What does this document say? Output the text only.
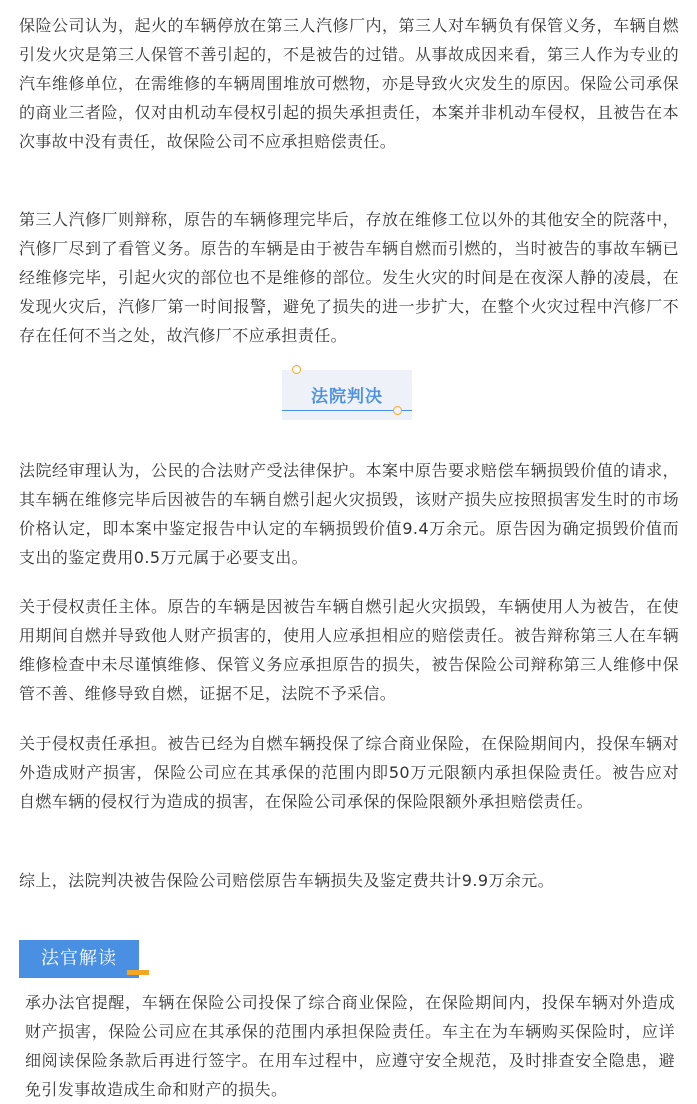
保险公司认为，起火的车辆停放在第三人汽修厂内，第三人对车辆负有保管义务，车辆自燃引发火灾是第三人保管不善引起的，不是被告的过错。从事故成因来看，第三人作为专业的汽车维修单位，在需维修的车辆周围堆放可燃物，亦是导致火灾发生的原因。保险公司承保的商业三者险，仅对由机动车侵权引起的损失承担责任，本案并非机动车侵权，且被告在本次事故中没有责任，故保险公司不应承担赔偿责任。

第三人汽修厂则辩称，原告的车辆修理完毕后，存放在维修工位以外的其他安全的院落中，汽修厂尽到了看管义务。原告的车辆是由于被告车辆自燃而引燃的，当时被告的事故车辆已经维修完毕，引起火灾的部位也不是维修的部位。发生火灾的时间是在夜深人静的凌晨，在发现火灾后，汽修厂第一时间报警，避免了损失的进一步扩大，在整个火灾过程中汽修厂不存在任何不当之处，故汽修厂不应承担责任。

法院判决

法院经审理认为，公民的合法财产受法律保护。本案中原告要求赔偿车辆损毁价值的请求，其车辆在维修完毕后因被告的车辆自燃引起火灾损毁，该财产损失应按照损害发生时的市场价格认定，即本案中鉴定报告中认定的车辆损毁价值9.4万余元。原告因为确定损毁价值而支出的鉴定费用0.5万元属于必要支出。

关于侵权责任主体。原告的车辆是因被告车辆自燃引起火灾损毁，车辆使用人为被告，在使用期间自燃并导致他人财产损害的，使用人应承担相应的赔偿责任。被告辩称第三人在车辆维修检查中未尽谨慎维修、保管义务应承担原告的损失，被告保险公司辩称第三人维修中保管不善、维修导致自燃，证据不足，法院不予采信。

关于侵权责任承担。被告已经为自燃车辆投保了综合商业保险，在保险期间内，投保车辆对外造成财产损害，保险公司应在其承保的范围内即50万元限额内承担保险责任。被告应对自燃车辆的侵权行为造成的损害，在保险公司承保的保险限额外承担赔偿责任。

综上，法院判决被告保险公司赔偿原告车辆损失及鉴定费共计9.9万余元。

法官解读

承办法官提醒，车辆在保险公司投保了综合商业保险，在保险期间内，投保车辆对外造成财产损害，保险公司应在其承保的范围内承担保险责任。车主在为车辆购买保险时，应详细阅读保险条款后再进行签字。在用车过程中，应遵守安全规范，及时排查安全隐患，避免引发事故造成生命和财产的损失。
